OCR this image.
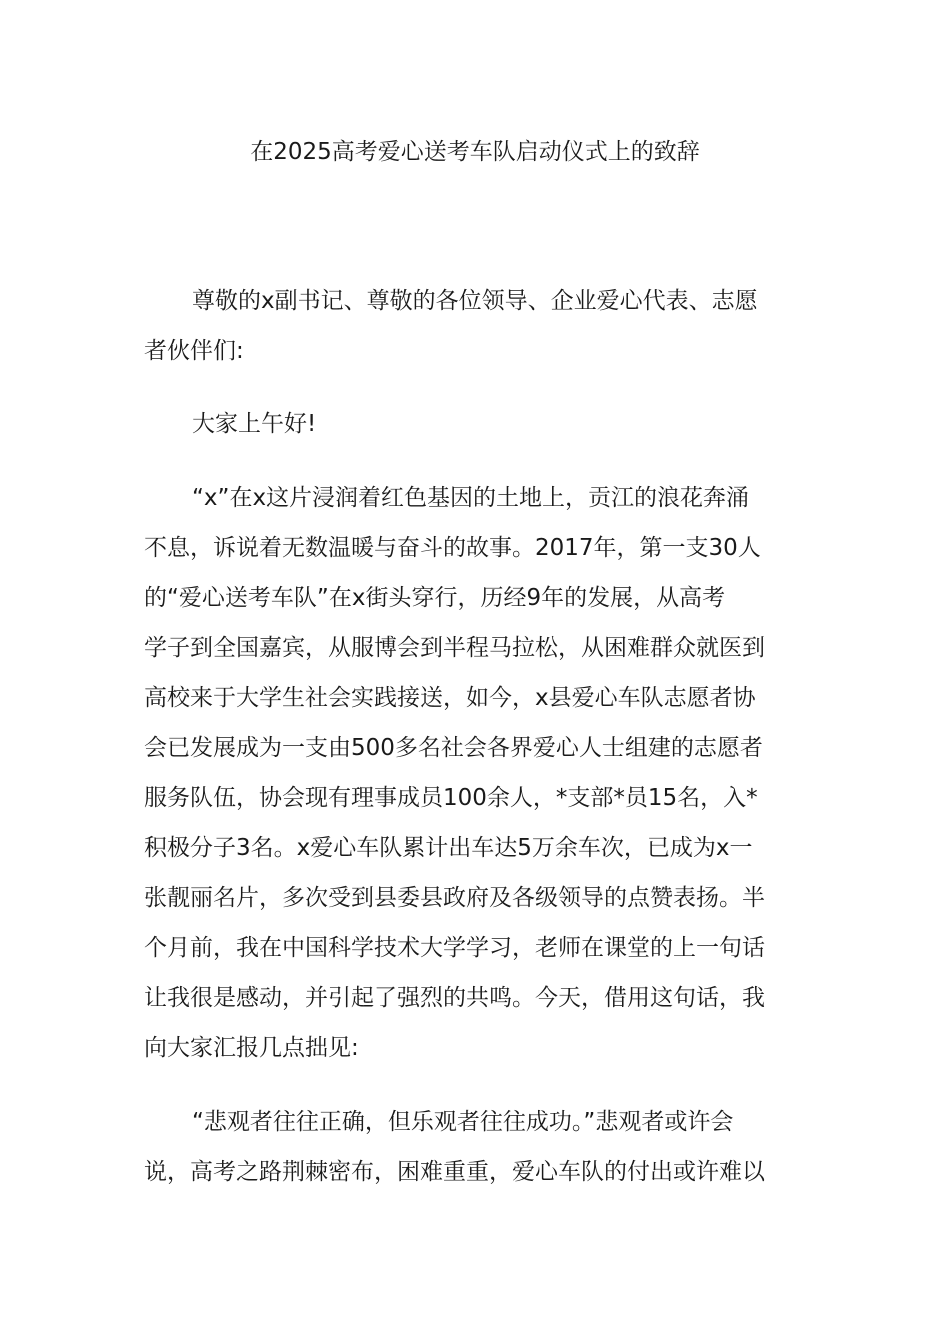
在2025高考爱心送考车队启动仪式上的致辞
尊敬的x副书记、尊敬的各位领导、企业爱心代表、志愿
者伙伴们:
大家上午好!
“x”在x这片浸润着红色基因的土地上，贡江的浪花奔涌
不息，诉说着无数温暖与奋斗的故事。2017年，第一支30人
的“爱心送考车队”在x街头穿行，历经9年的发展，从高考
学子到全国嘉宾，从服博会到半程马拉松，从困难群众就医到
高校来于大学生社会实践接送，如今，x县爱心车队志愿者协
会已发展成为一支由500多名社会各界爱心人士组建的志愿者
服务队伍，协会现有理事成员100余人，*支部*员15名，入*
积极分子3名。x爱心车队累计出车达5万余车次，已成为x一
张靓丽名片，多次受到县委县政府及各级领导的点赞表扬。半
个月前，我在中国科学技术大学学习，老师在课堂的上一句话
让我很是感动，并引起了强烈的共鸣。今天，借用这句话，我
向大家汇报几点拙见:
“悲观者往往正确，但乐观者往往成功。”悲观者或许会
说，高考之路荆棘密布，困难重重，爱心车队的付出或许难以
